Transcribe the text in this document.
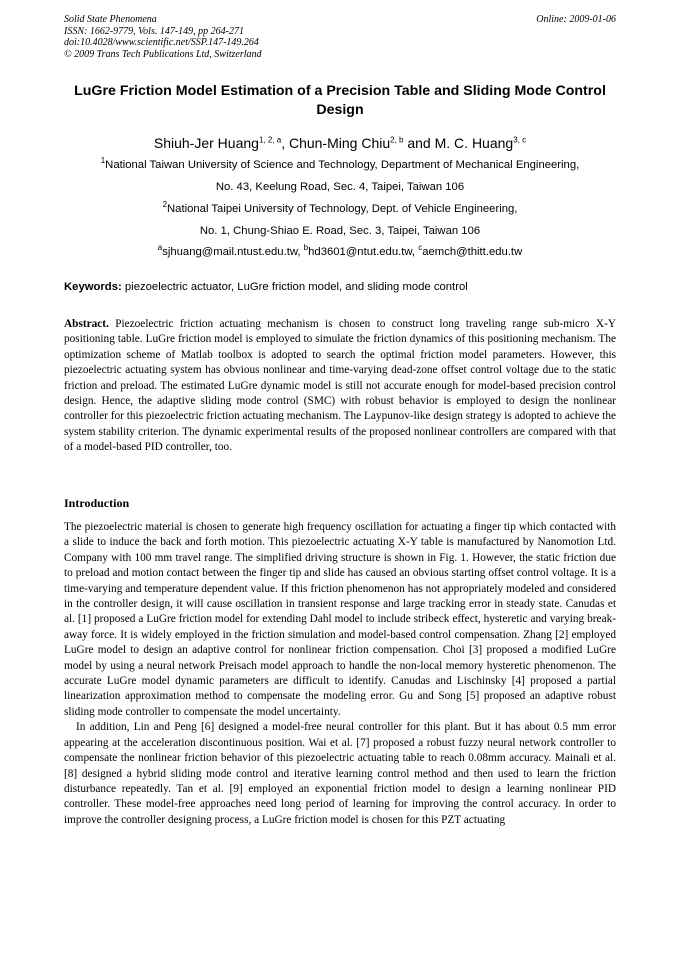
Solid State Phenomena
ISSN: 1662-9779, Vols. 147-149, pp 264-271
doi:10.4028/www.scientific.net/SSP.147-149.264
© 2009 Trans Tech Publications Ltd, Switzerland
Online: 2009-01-06
LuGre Friction Model Estimation of a Precision Table and Sliding Mode Control Design
Shiuh-Jer Huang$^{1, 2, a}$, Chun-Ming Chiu$^{2, b}$ and M. C. Huang$^{3, c}$
$^1$National Taiwan University of Science and Technology, Department of Mechanical Engineering,
No. 43, Keelung Road, Sec. 4, Taipei, Taiwan 106
$^2$National Taipei University of Technology, Dept. of Vehicle Engineering,
No. 1, Chung-Shiao E. Road, Sec. 3, Taipei, Taiwan 106
$^a$sjhuang@mail.ntust.edu.tw, $^b$hd3601@ntut.edu.tw, $^c$aemch@thitt.edu.tw
Keywords: piezoelectric actuator, LuGre friction model, and sliding mode control
Abstract. Piezoelectric friction actuating mechanism is chosen to construct long traveling range sub-micro X-Y positioning table. LuGre friction model is employed to simulate the friction dynamics of this positioning mechanism. The optimization scheme of Matlab toolbox is adopted to search the optimal friction model parameters. However, this piezoelectric actuating system has obvious nonlinear and time-varying dead-zone offset control voltage due to the static friction and preload. The estimated LuGre dynamic model is still not accurate enough for model-based precision control design. Hence, the adaptive sliding mode control (SMC) with robust behavior is employed to design the nonlinear controller for this piezoelectric friction actuating mechanism. The Laypunov-like design strategy is adopted to achieve the system stability criterion. The dynamic experimental results of the proposed nonlinear controllers are compared with that of a model-based PID controller, too.
Introduction

The piezoelectric material is chosen to generate high frequency oscillation for actuating a finger tip which contacted with a slide to induce the back and forth motion. This piezoelectric actuating X-Y table is manufactured by Nanomotion Ltd. Company with 100 mm travel range. The simplified driving structure is shown in Fig. 1. However, the static friction due to preload and motion contact between the finger tip and slide has caused an obvious starting offset control voltage. It is a time-varying and temperature dependent value. If this friction phenomenon has not appropriately modeled and considered in the controller design, it will cause oscillation in transient response and large tracking error in steady state. Canudas et al. [1] proposed a LuGre friction model for extending Dahl model to include stribeck effect, hysteretic and varying break-away force. It is widely employed in the friction simulation and model-based control compensation. Zhang [2] employed LuGre model to design an adaptive control for nonlinear friction compensation. Choi [3] proposed a modified LuGre model by using a neural network Preisach model approach to handle the non-local memory hysteretic phenomenon. The accurate LuGre model dynamic parameters are difficult to identify. Canudas and Lischinsky [4] proposed a partial linearization approximation method to compensate the modeling error. Gu and Song [5] proposed an adaptive robust sliding mode controller to compensate the model uncertainty.

In addition, Lin and Peng [6] designed a model-free neural controller for this plant. But it has about 0.5 mm error appearing at the acceleration discontinuous position. Wai et al. [7] proposed a robust fuzzy neural network controller to compensate the nonlinear friction behavior of this piezoelectric actuating table to reach 0.08mm accuracy. Mainali et al. [8] designed a hybrid sliding mode control and iterative learning control method and then used to learn the friction disturbance repeatedly. Tan et al. [9] employed an exponential friction model to design a learning nonlinear PID controller. These model-free approaches need long period of learning for improving the control accuracy. In order to improve the controller designing process, a LuGre friction model is chosen for this PZT actuating
